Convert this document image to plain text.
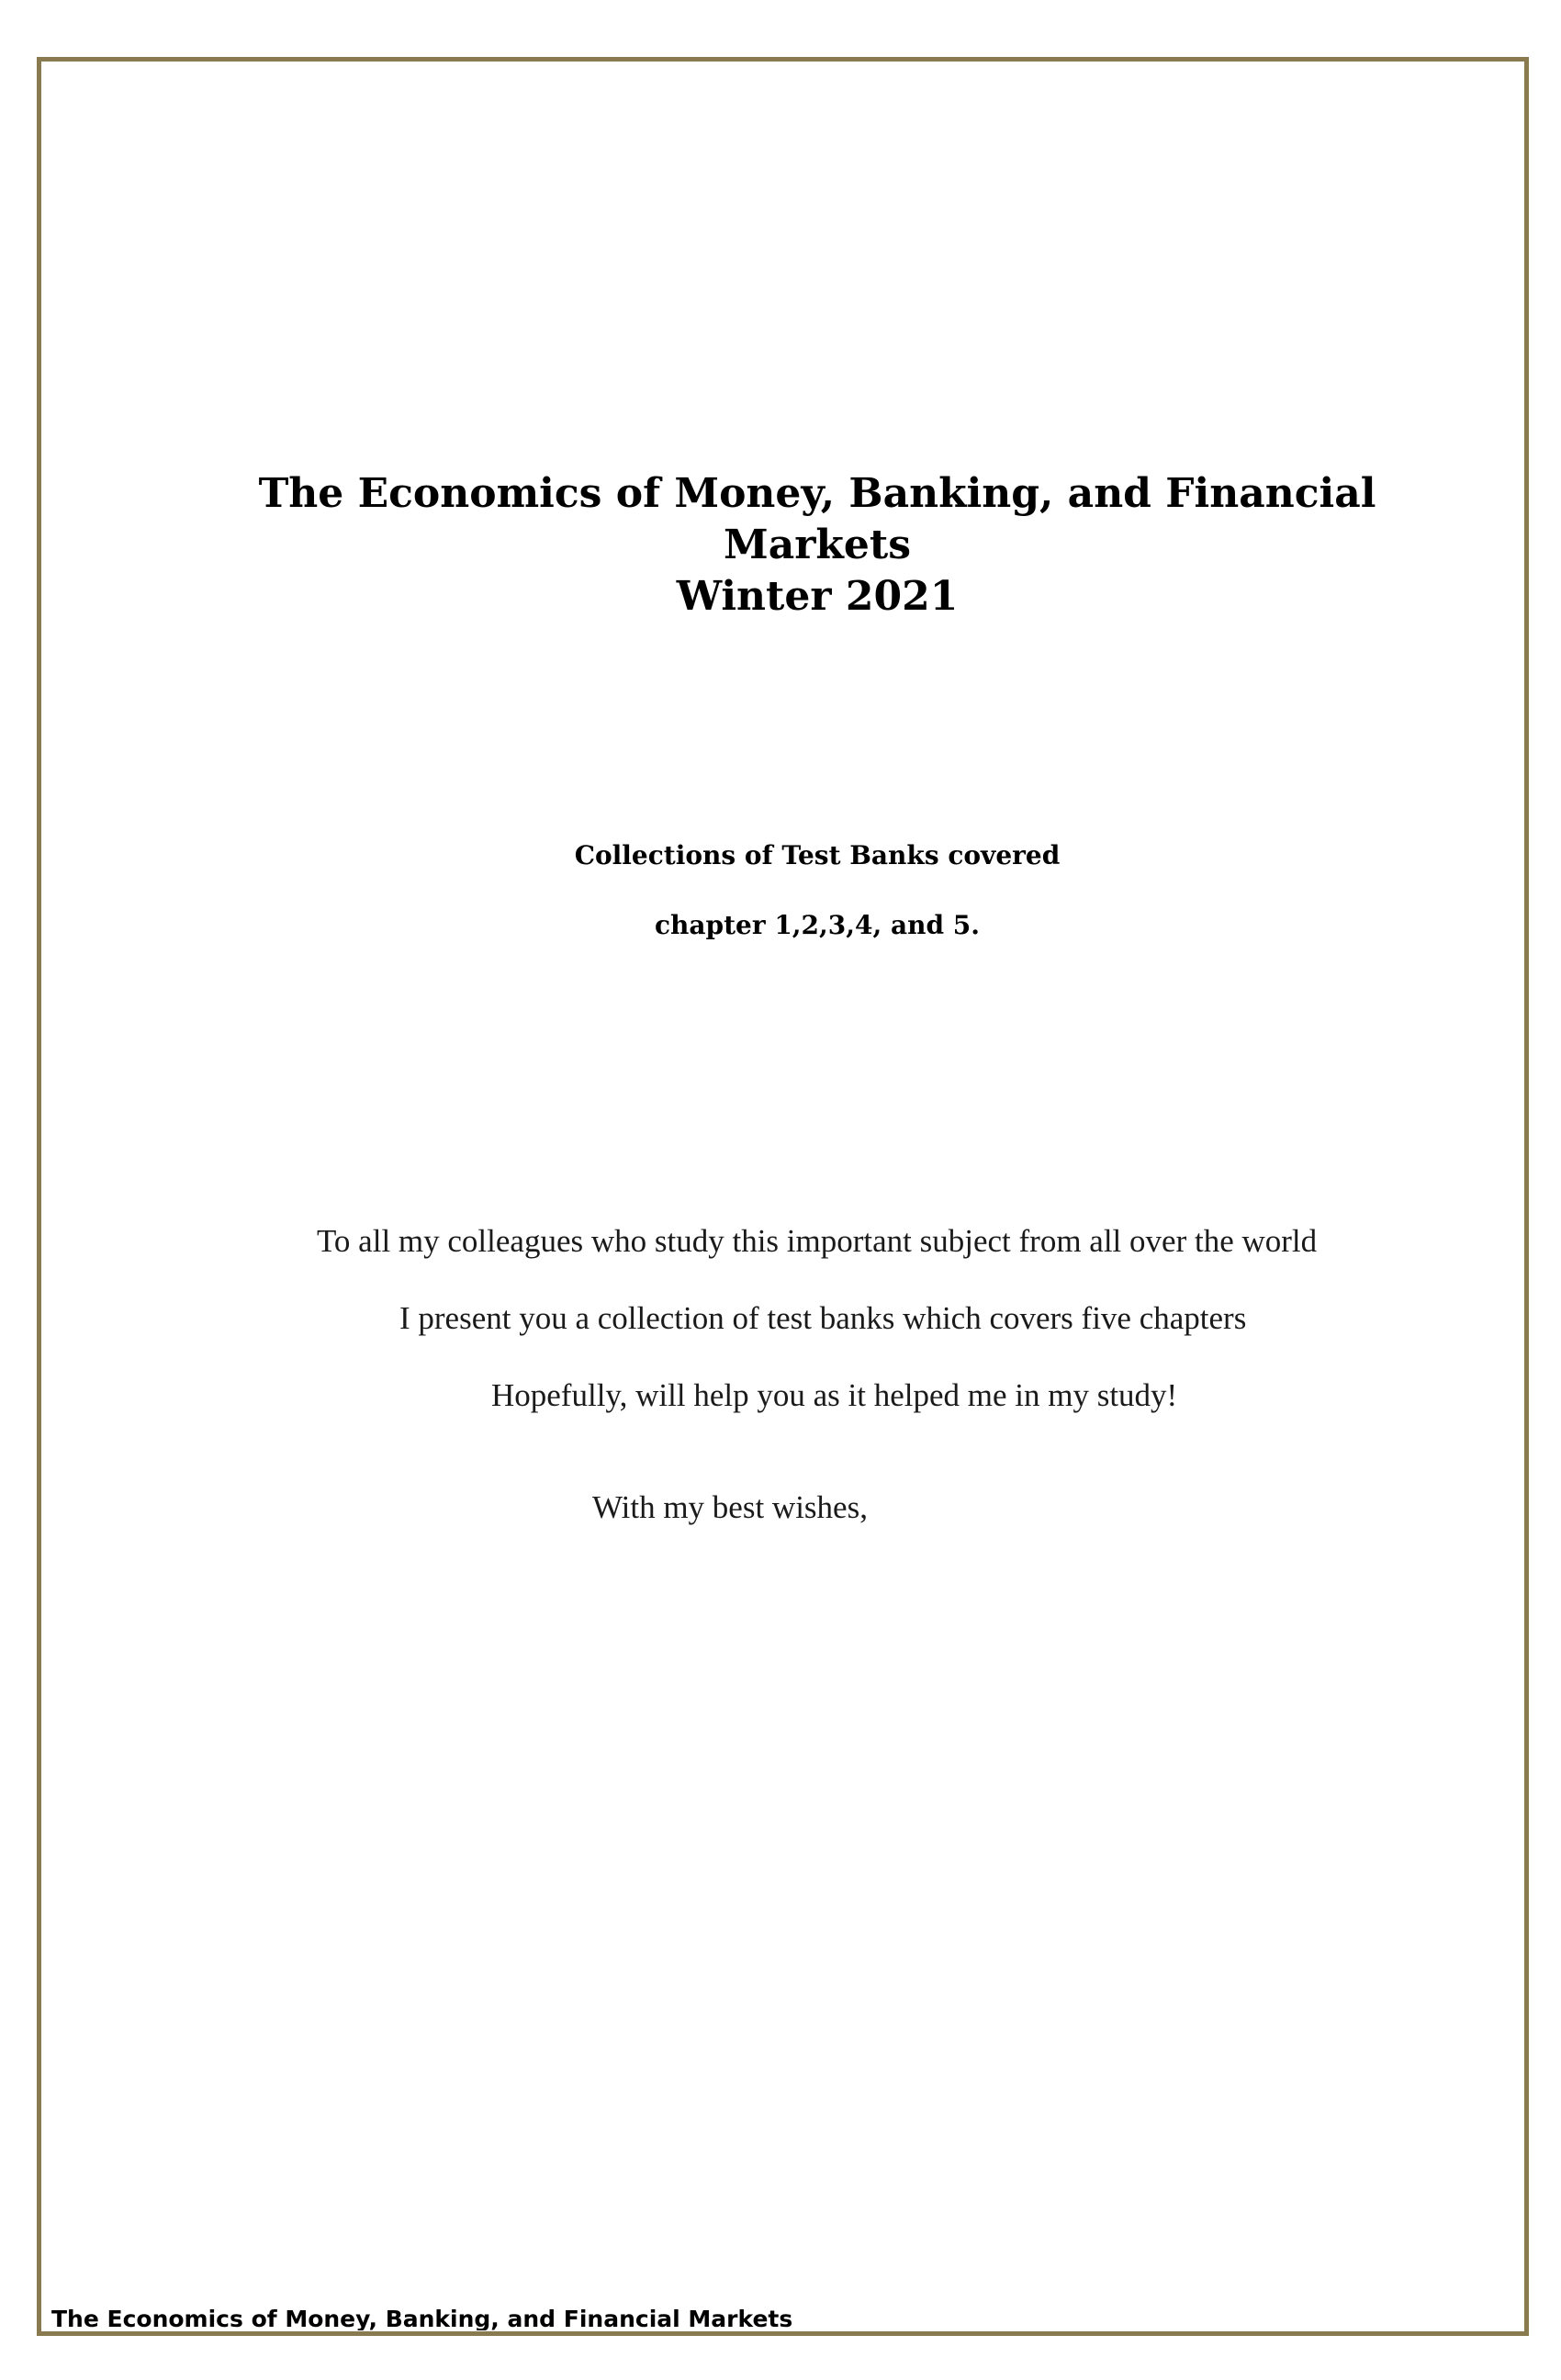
The Economics of Money, Banking, and Financial Markets

Winter 2021

Collections of Test Banks covered

chapter 1,2,3,4, and 5.

To all my colleagues who study this important subject from all over the world

I present you a collection of test banks which covers five chapters

Hopefully, will help you as it helped me in my study!

With my best wishes,

The Economics of Money, Banking, and Financial Markets
